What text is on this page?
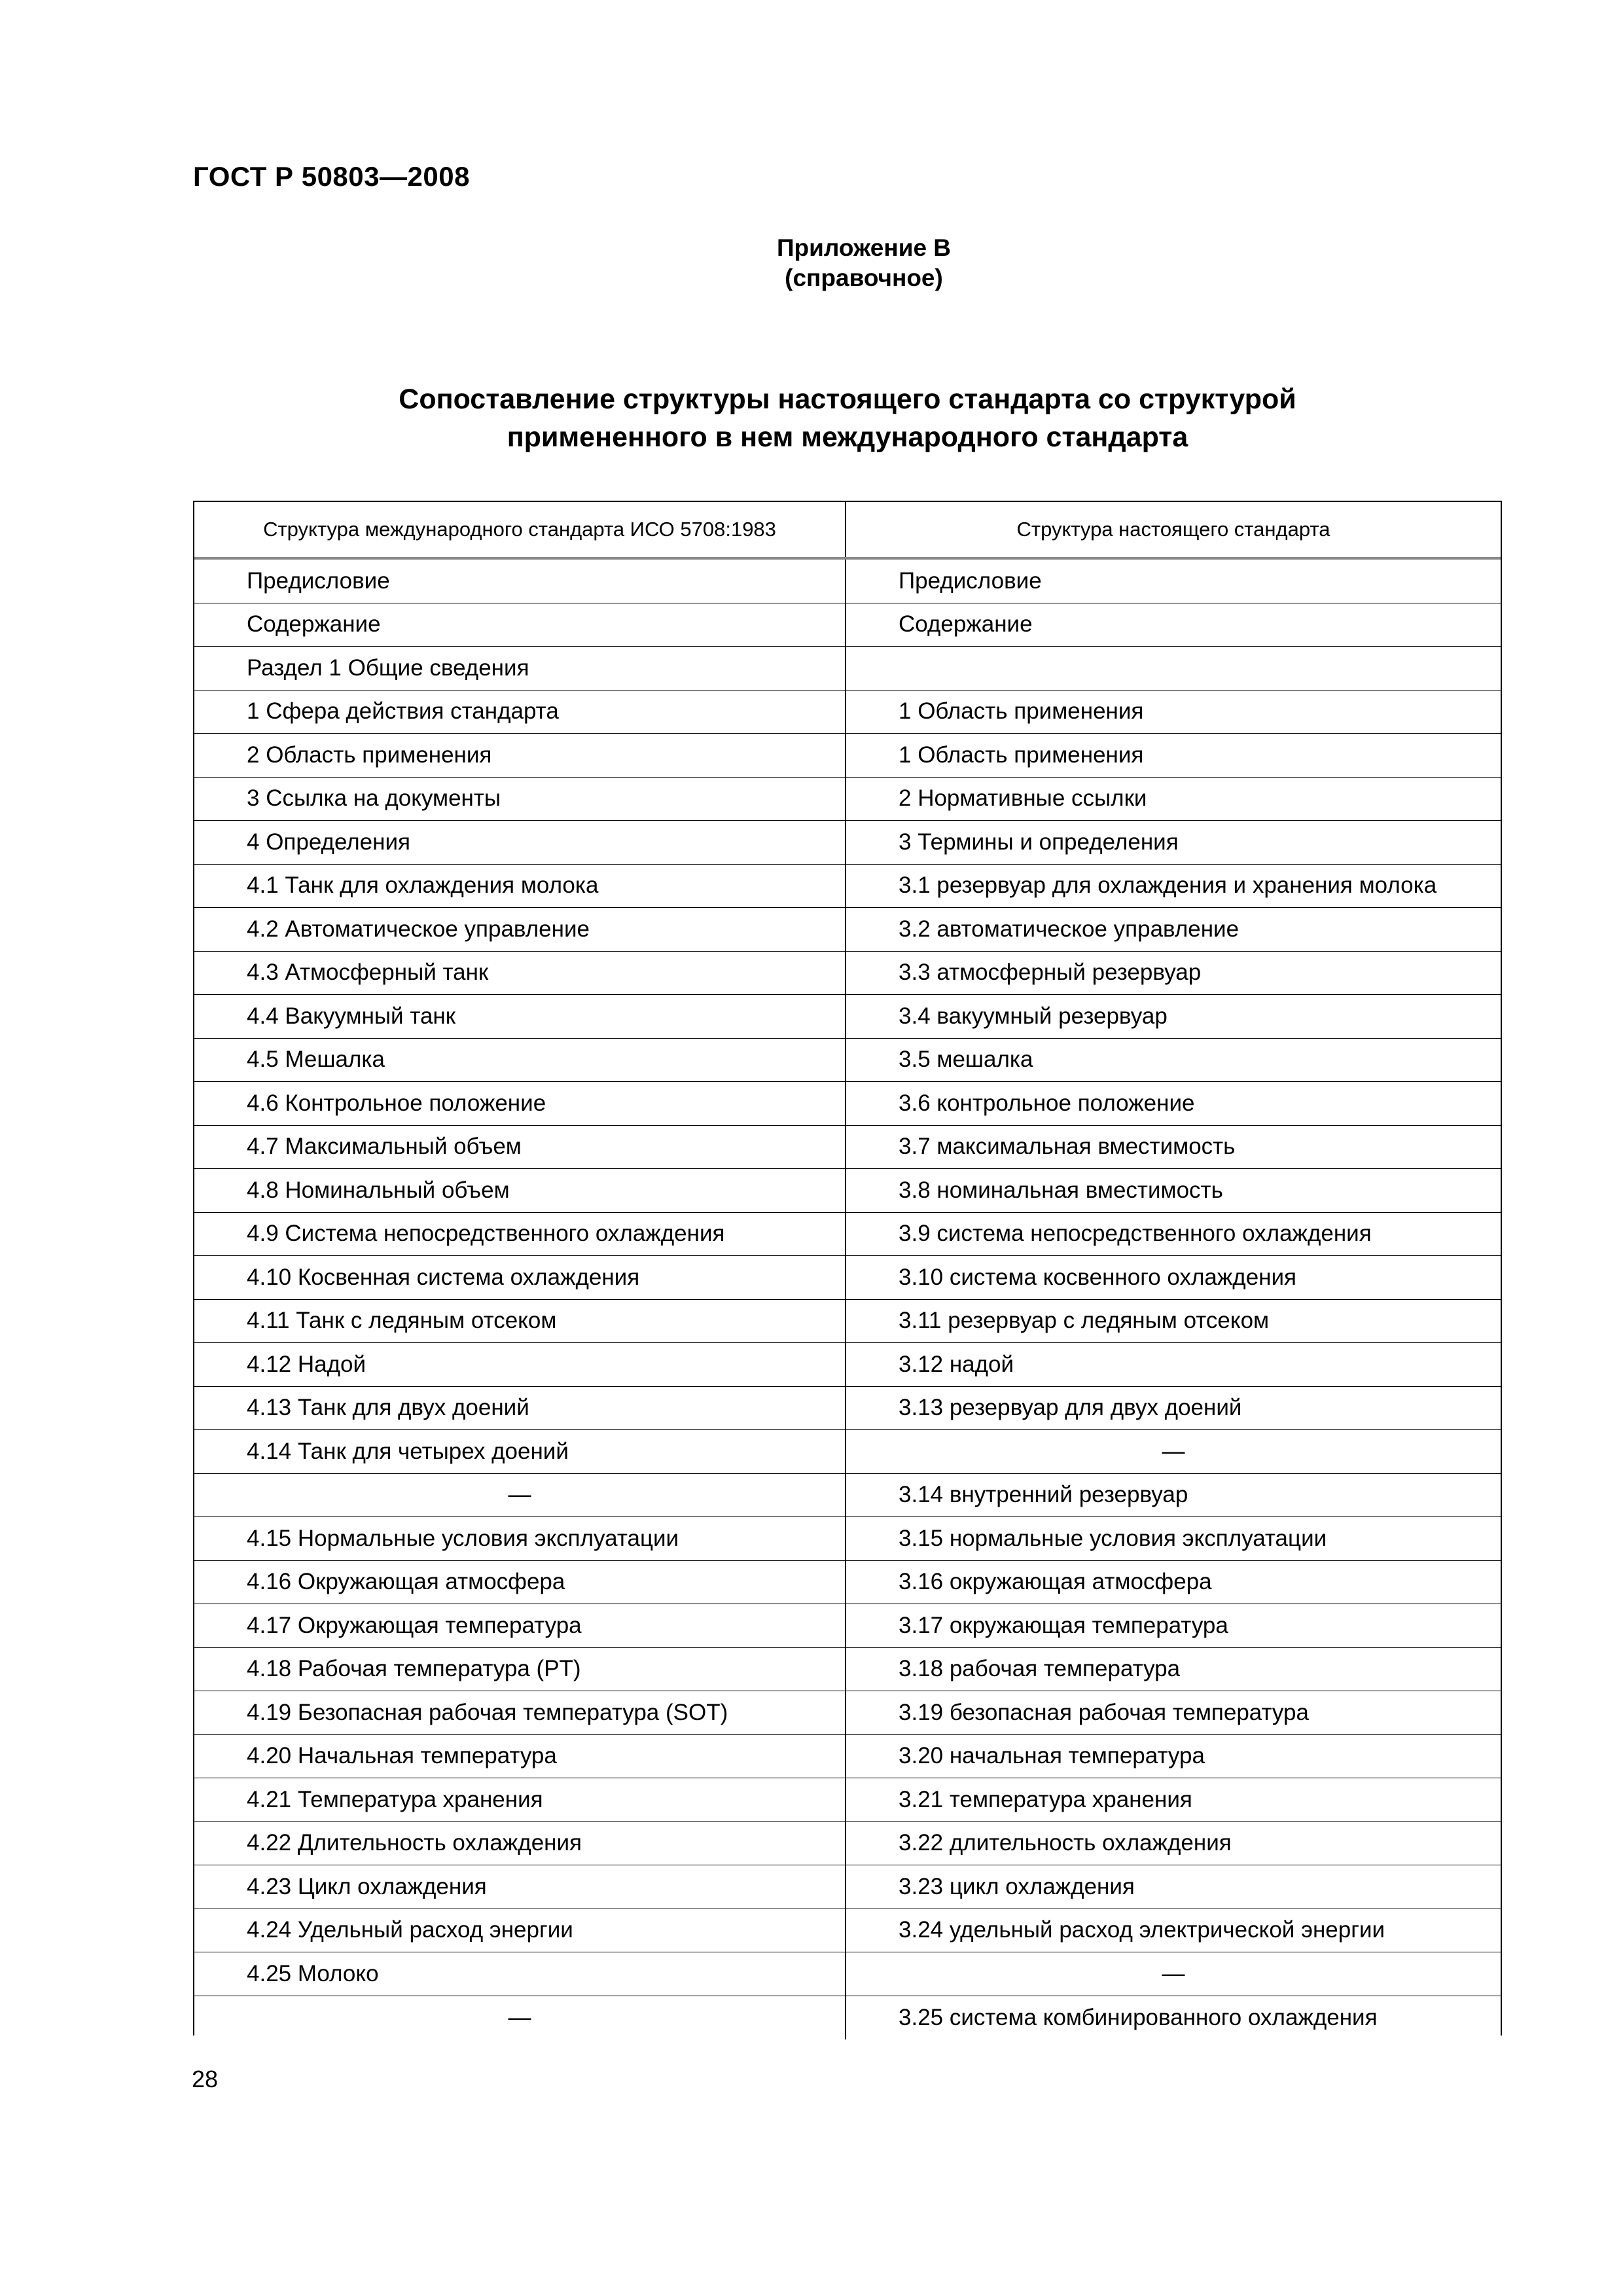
ГОСТ Р 50803—2008
Приложение В
(справочное)
Сопоставление структуры настоящего стандарта со структурой
примененного в нем международного стандарта
Структура международного стандарта ИСО 5708:1983	Структура настоящего стандарта
Предисловие	Предисловие
Содержание	Содержание
Раздел 1 Общие сведения
1 Сфера действия стандарта	1 Область применения
2 Область применения	1 Область применения
3 Ссылка на документы	2 Нормативные ссылки
4 Определения	3 Термины и определения
4.1 Танк для охлаждения молока	3.1 резервуар для охлаждения и хранения молока
4.2 Автоматическое управление	3.2 автоматическое управление
4.3 Атмосферный танк	3.3 атмосферный резервуар
4.4 Вакуумный танк	3.4 вакуумный резервуар
4.5 Мешалка	3.5 мешалка
4.6 Контрольное положение	3.6 контрольное положение
4.7 Максимальный объем	3.7 максимальная вместимость
4.8 Номинальный объем	3.8 номинальная вместимость
4.9 Система непосредственного охлаждения	3.9 система непосредственного охлаждения
4.10 Косвенная система охлаждения	3.10 система косвенного охлаждения
4.11 Танк с ледяным отсеком	3.11 резервуар с ледяным отсеком
4.12 Надой	3.12 надой
4.13 Танк для двух доений	3.13 резервуар для двух доений
4.14 Танк для четырех доений	—
—	3.14 внутренний резервуар
4.15 Нормальные условия эксплуатации	3.15 нормальные условия эксплуатации
4.16 Окружающая атмосфера	3.16 окружающая атмосфера
4.17 Окружающая температура	3.17 окружающая температура
4.18 Рабочая температура (PT)	3.18 рабочая температура
4.19 Безопасная рабочая температура (SOT)	3.19 безопасная рабочая температура
4.20 Начальная температура	3.20 начальная температура
4.21 Температура хранения	3.21 температура хранения
4.22 Длительность охлаждения	3.22 длительность охлаждения
4.23 Цикл охлаждения	3.23 цикл охлаждения
4.24 Удельный расход энергии	3.24 удельный расход электрической энергии
4.25 Молоко	—
—	3.25 система комбинированного охлаждения
28
